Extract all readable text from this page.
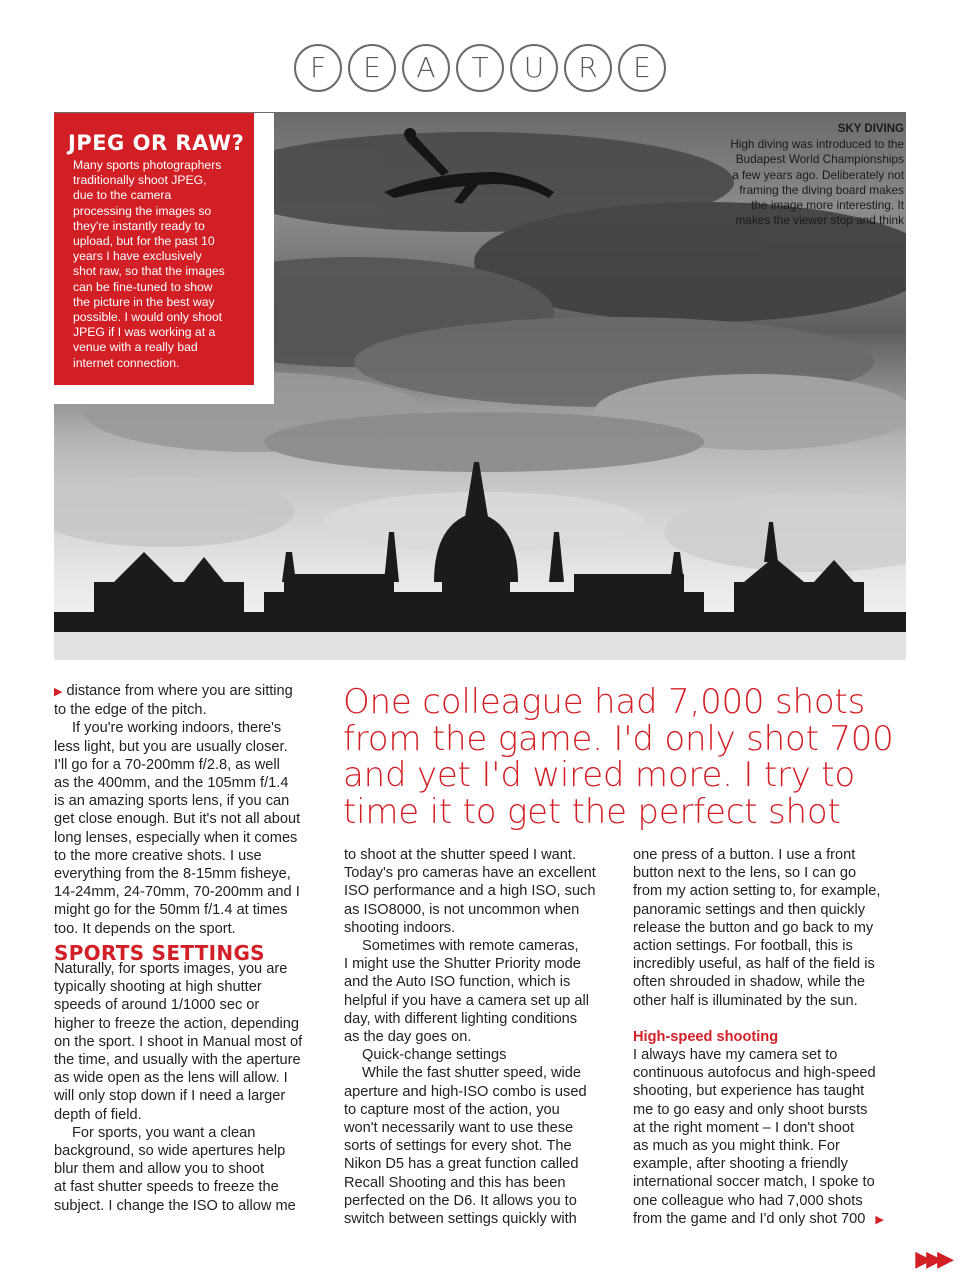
F E A T U R E
JPEG OR RAW?
Many sports photographers
traditionally shoot JPEG,
due to the camera
processing the images so
they're instantly ready to
upload, but for the past 10
years I have exclusively
shot raw, so that the images
can be fine-tuned to show
the picture in the best way
possible. I would only shoot
JPEG if I was working at a
venue with a really bad
internet connection.
SKY DIVING
High diving was introduced to the
Budapest World Championships
a few years ago. Deliberately not
framing the diving board makes
the image more interesting. It
makes the viewer stop and think
One colleague had 7,000 shots
from the game. I'd only shot 700
and yet I'd wired more. I try to
time it to get the perfect shot

▶ distance from where you are sitting
to the edge of the pitch.

If you're working indoors, there's
less light, but you are usually closer.
I'll go for a 70-200mm f/2.8, as well
as the 400mm, and the 105mm f/1.4
is an amazing sports lens, if you can
get close enough. But it's not all about
long lenses, especially when it comes
to the more creative shots. I use
everything from the 8-15mm fisheye,
14-24mm, 24-70mm, 70-200mm and I
might go for the 50mm f/1.4 at times
too. It depends on the sport.

SPORTS SETTINGS

Naturally, for sports images, you are
typically shooting at high shutter
speeds of around 1/1000 sec or
higher to freeze the action, depending
on the sport. I shoot in Manual most of
the time, and usually with the aperture
as wide open as the lens will allow. I
will only stop down if I need a larger
depth of field.

For sports, you want a clean
background, so wide apertures help
blur them and allow you to shoot
at fast shutter speeds to freeze the
subject. I change the ISO to allow me

to shoot at the shutter speed I want.
Today's pro cameras have an excellent
ISO performance and a high ISO, such
as ISO8000, is not uncommon when
shooting indoors.

Sometimes with remote cameras,
I might use the Shutter Priority mode
and the Auto ISO function, which is
helpful if you have a camera set up all
day, with different lighting conditions
as the day goes on.

Quick-change settings

While the fast shutter speed, wide
aperture and high-ISO combo is used
to capture most of the action, you
won't necessarily want to use these
sorts of settings for every shot. The
Nikon D5 has a great function called
Recall Shooting and this has been
perfected on the D6. It allows you to
switch between settings quickly with

one press of a button. I use a front
button next to the lens, so I can go
from my action setting to, for example,
panoramic settings and then quickly
release the button and go back to my
action settings. For football, this is
incredibly useful, as half of the field is
often shrouded in shadow, while the
other half is illuminated by the sun.

High-speed shooting

I always have my camera set to
continuous autofocus and high-speed
shooting, but experience has taught
me to go easy and only shoot bursts
at the right moment – I don't shoot
as much as you might think. For
example, after shooting a friendly
international soccer match, I spoke to
one colleague who had 7,000 shots
from the game and I'd only shot 700 ▶

▶▶▶
